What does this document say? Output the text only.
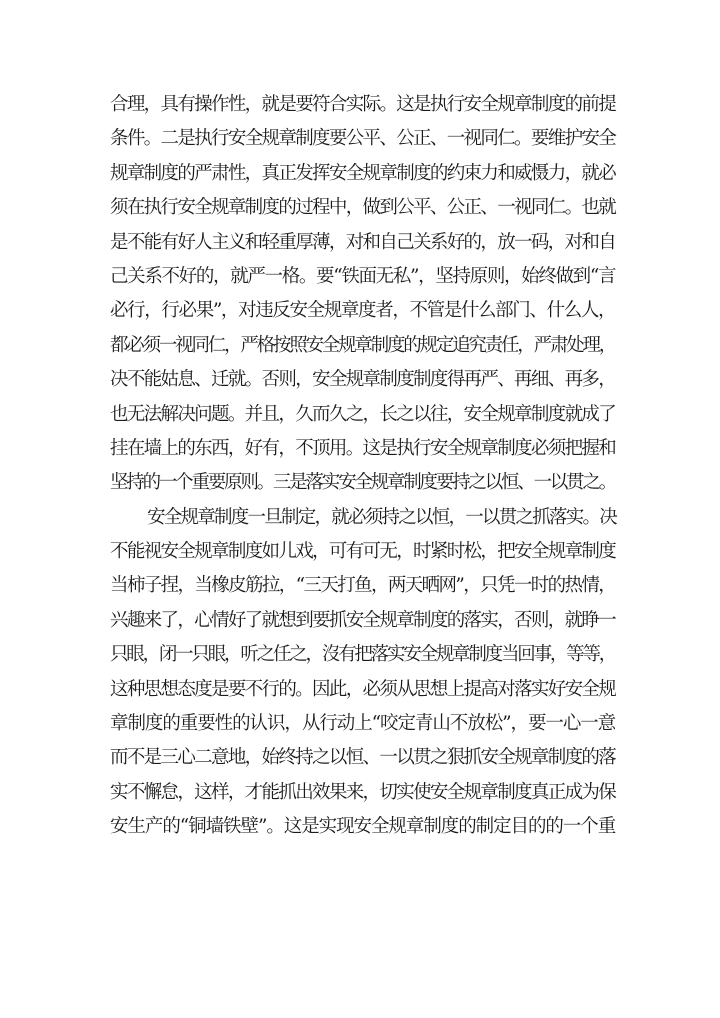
合理，具有操作性，就是要符合实际。这是执行安全规章制度的前提
条件。二是执行安全规章制度要公平、公正、一视同仁。要维护安全
规章制度的严肃性，真正发挥安全规章制度的约束力和威慑力，就必
须在执行安全规章制度的过程中，做到公平、公正、一视同仁。也就
是不能有好人主义和轻重厚薄，对和自己关系好的，放一码，对和自
己关系不好的，就严一格。要“铁面无私”，坚持原则，始终做到“言
必行，行必果”，对违反安全规章度者，不管是什么部门、什么人，
都必须一视同仁，严格按照安全规章制度的规定追究责任，严肃处理，
决不能姑息、迁就。否则，安全规章制度制度得再严、再细、再多，
也无法解决问题。并且，久而久之，长之以往，安全规章制度就成了
挂在墙上的东西，好有，不顶用。这是执行安全规章制度必须把握和
坚持的一个重要原则。三是落实安全规章制度要持之以恒、一以贯之。
安全规章制度一旦制定，就必须持之以恒，一以贯之抓落实。决
不能视安全规章制度如儿戏，可有可无，时紧时松，把安全规章制度
当柿子捏，当橡皮筋拉，“三天打鱼，两天晒网”，只凭一时的热情，
兴趣来了，心情好了就想到要抓安全规章制度的落实，否则，就睁一
只眼，闭一只眼，听之任之，沒有把落实安全规章制度当回事，等等，
这种思想态度是要不行的。因此，必须从思想上提高对落实好安全规
章制度的重要性的认识，从行动上“咬定青山不放松”，要一心一意
而不是三心二意地，始终持之以恒、一以贯之狠抓安全规章制度的落
实不懈怠，这样，才能抓出效果来，切实使安全规章制度真正成为保
安生产的“铜墙铁壁”。这是实现安全规章制度的制定目的的一个重
